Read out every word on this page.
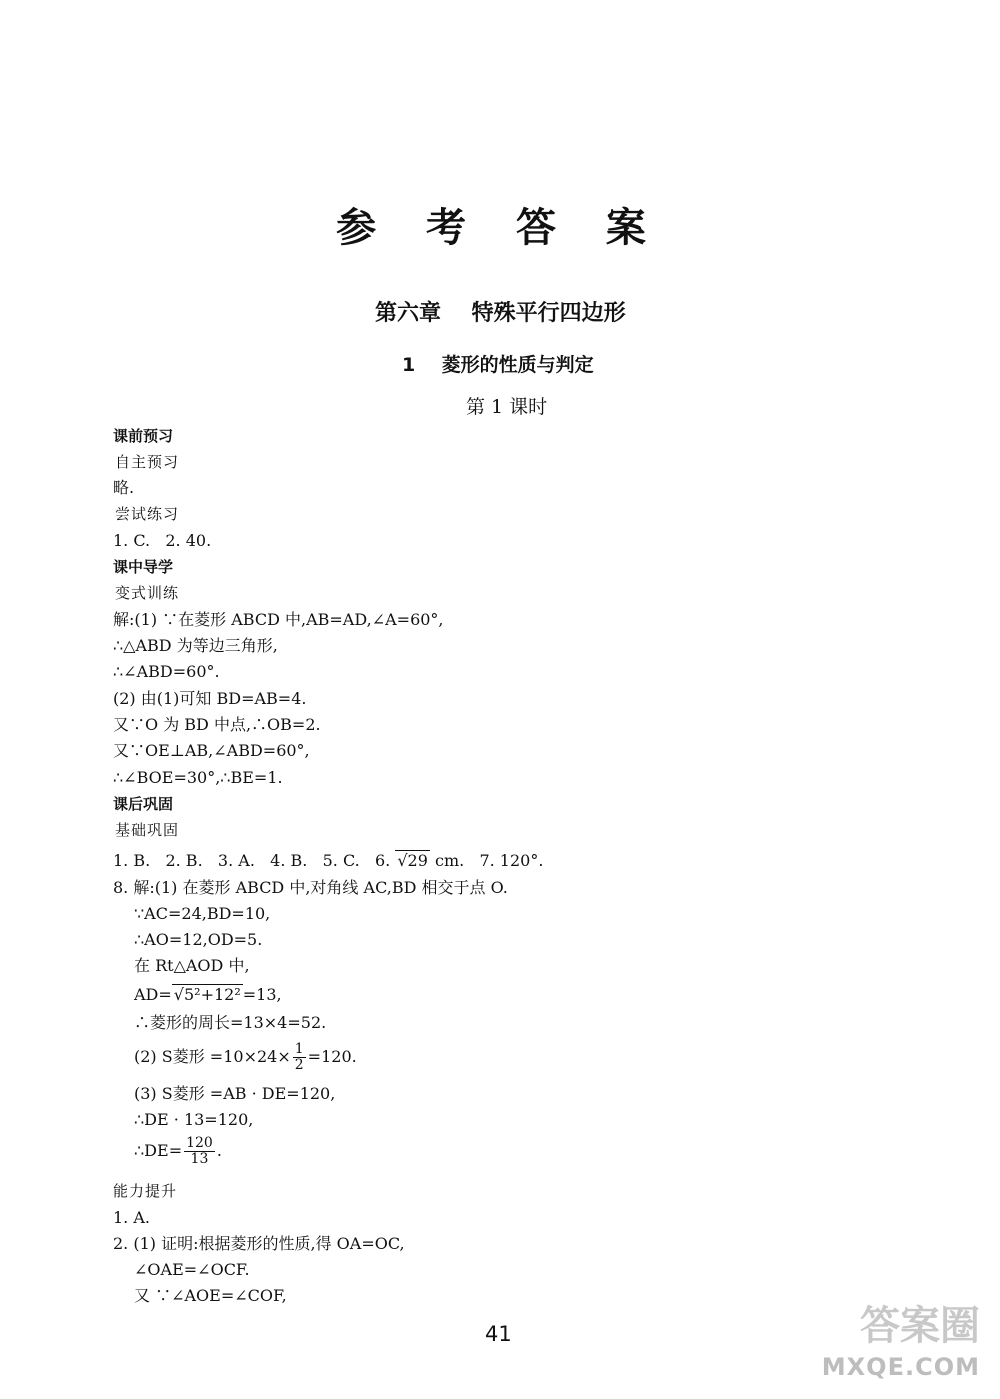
参 考 答 案
第六章    特殊平行四边形
1    菱形的性质与判定
第 1 课时
课前预习
自主预习
略.
尝试练习
1. C.   2. 40.
课中导学
变式训练
解:(1) ∵在菱形 ABCD 中,AB=AD,∠A=60°,
∴△ABD 为等边三角形,
∴∠ABD=60°.
(2) 由(1)可知 BD=AB=4.
又∵O 为 BD 中点,∴OB=2.
又∵OE⊥AB,∠ABD=60°,
∴∠BOE=30°,∴BE=1.
课后巩固
基础巩固
1. B.   2. B.   3. A.   4. B.   5. C.   6. √29 cm.   7. 120°.
8. 解:(1) 在菱形 ABCD 中,对角线 AC,BD 相交于点 O.
∵AC=24,BD=10,
∴AO=12,OD=5.
在 Rt△AOD 中,
AD= √5²+12² =13,
∴菱形的周长=13×4=52.
(2) S菱形 $=10\times 24\times \frac{1}{2} =120$.
(3) S菱形 =AB · DE=120,
∴DE · 13=120,
∴DE= $\frac{120}{13}$ .
能力提升
1. A.
2. (1) 证明:根据菱形的性质,得 OA=OC,
∠OAE=∠OCF.
又 ∵∠AOE=∠COF,
41	答案圈
MXQE.COM
